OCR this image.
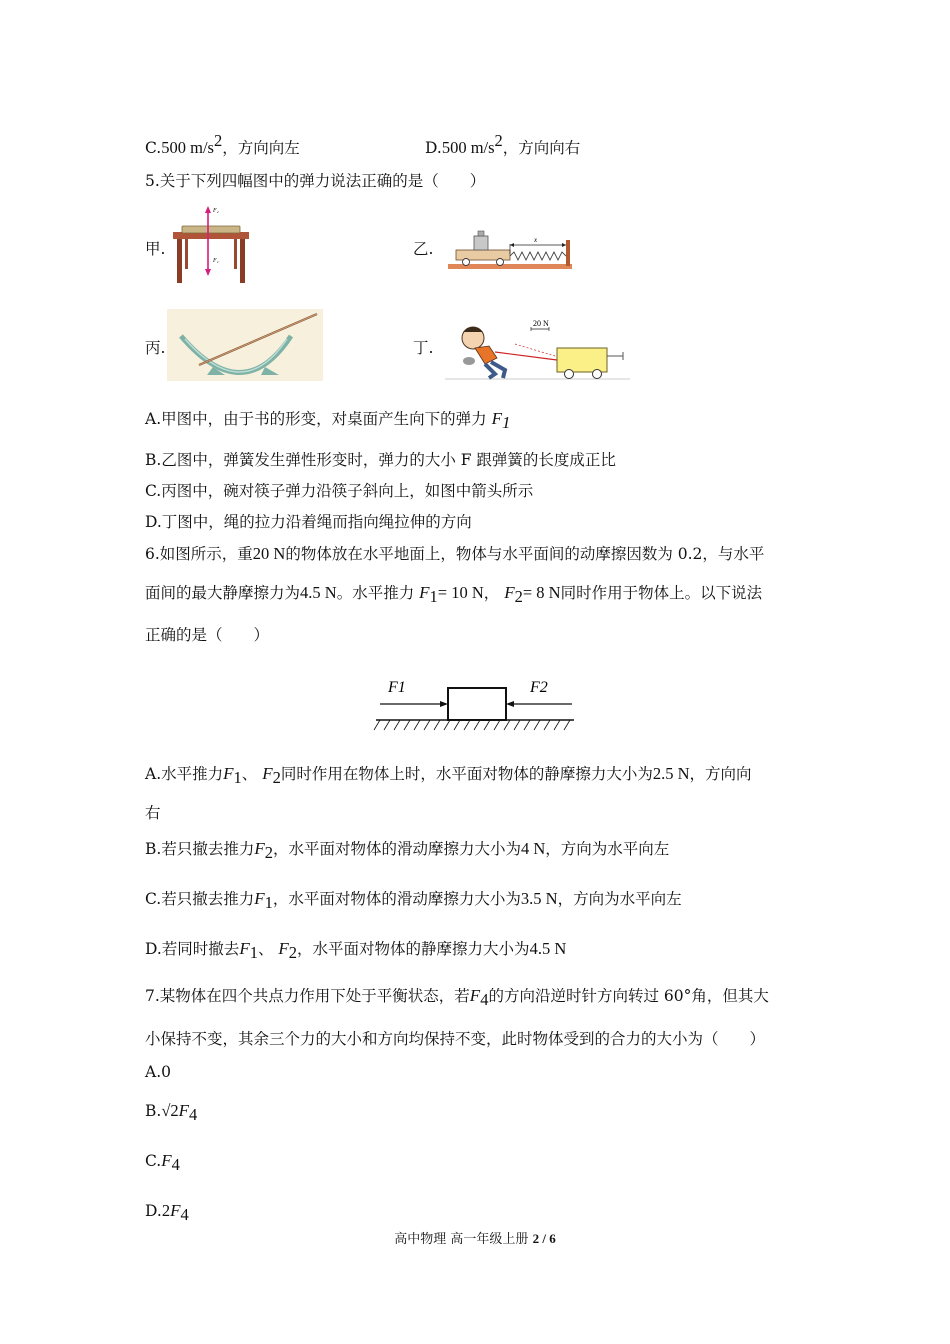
C.500 $m/s^2$，方向向左	D.500 $m/s^2$，方向向右
5.关于下列四幅图中的弹力说法正确的是（　　）
甲.	乙.
丙.	丁.
F₂
F₁
x
20 N
A.甲图中，由于书的形变，对桌面产生向下的弹力 $F_1$
B.乙图中，弹簧发生弹性形变时，弹力的大小 F 跟弹簧的长度成正比
C.丙图中，碗对筷子弹力沿筷子斜向上，如图中箭头所示
D.丁图中，绳的拉力沿着绳而指向绳拉伸的方向
6.如图所示，重20 N的物体放在水平地面上，物体与水平面间的动摩擦因数为 0.2，与水平
面间的最大静摩擦力为4.5 N。水平推力 $F_1= 10$ N， $F_2= 8$ N同时作用于物体上。以下说法
正确的是（　　）
F1	F2
A.水平推力$F_1$、 $F_2$同时作用在物体上时，水平面对物体的静摩擦力大小为2.5 N，方向向
右
B.若只撤去推力$F_2$，水平面对物体的滑动摩擦力大小为4 N，方向为水平向左
C.若只撤去推力$F_1$，水平面对物体的滑动摩擦力大小为3.5 N，方向为水平向左
D.若同时撤去$F_1$、 $F_2$，水平面对物体的静摩擦力大小为4.5 N
7.某物体在四个共点力作用下处于平衡状态，若$F_4$的方向沿逆时针方向转过 60°角，但其大
小保持不变，其余三个力的大小和方向均保持不变，此时物体受到的合力的大小为（　　）
A.0
$B.√2F_4$
$C.F_4$
$D.2F_4$
高中物理 高一年级上册 2 / 6
